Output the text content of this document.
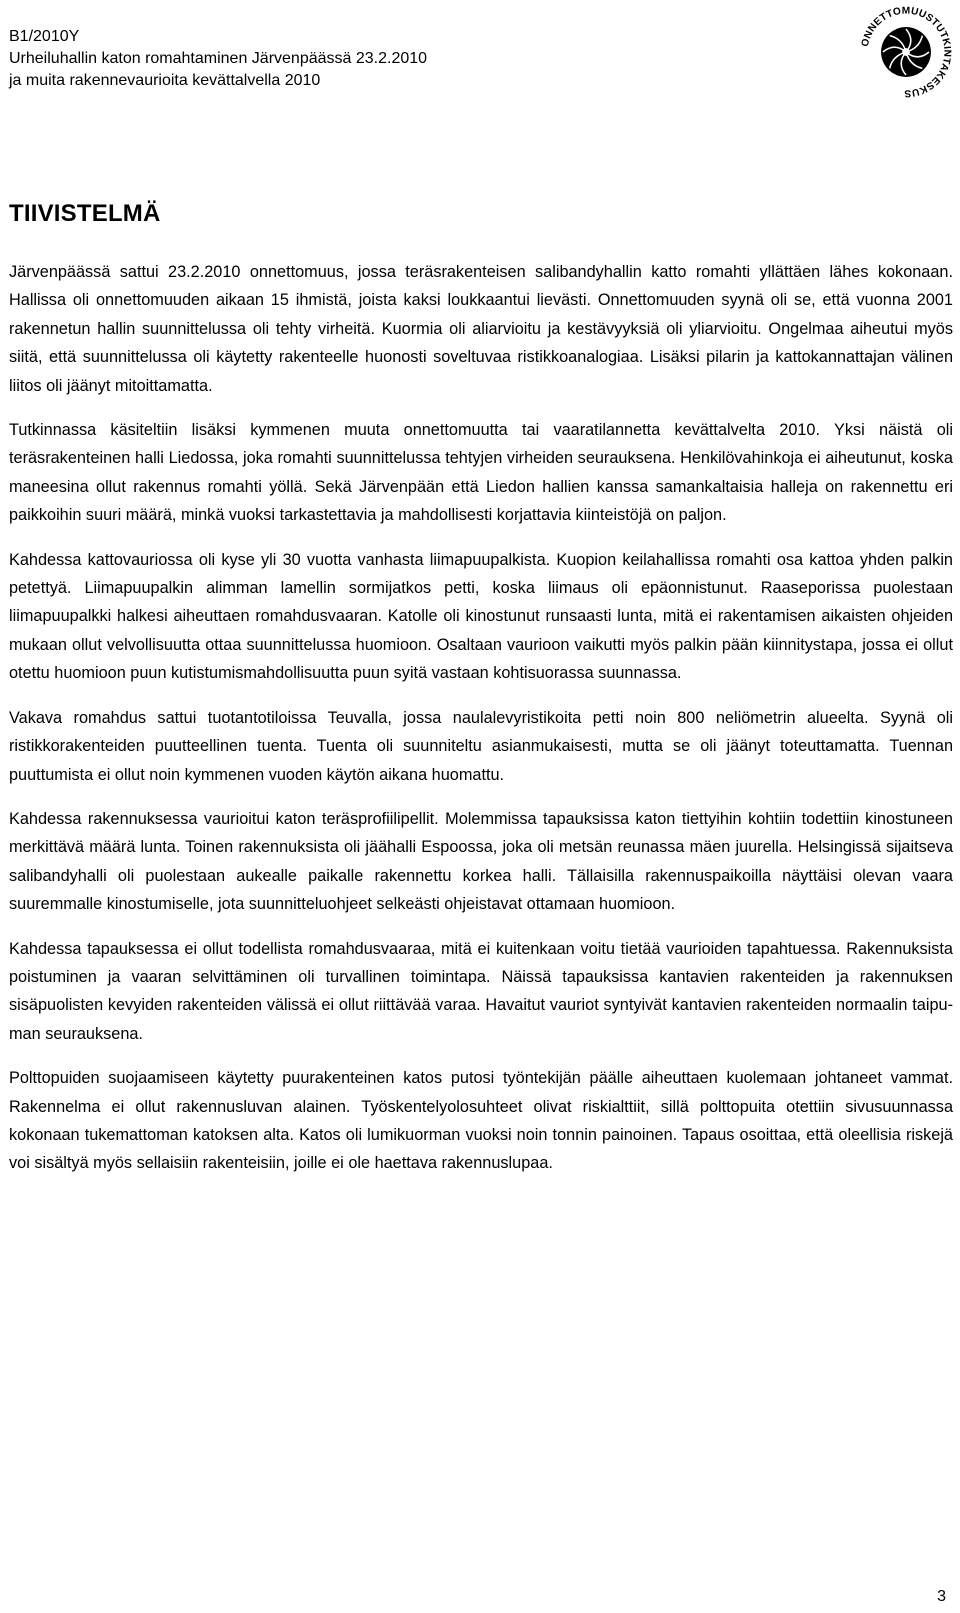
B1/2010Y
Urheiluhallin katon romahtaminen Järvenpäässä 23.2.2010
ja muita rakennevaurioita kevättalvella 2010
ONNETTOMUUSTUTKINTAKESKUS
TIIVISTELMÄ

Järvenpäässä sattui 23.2.2010 onnettomuus, jossa teräsrakenteisen salibandyhallin katto romahti yllättäen lähes kokonaan. Hallissa oli onnettomuuden aikaan 15 ihmistä, joista kaksi loukkaantui lievästi. Onnettomuuden syynä oli se, että vuonna 2001 rakennetun hallin suunnittelussa oli tehty virheitä. Kuormia oli aliarvioitu ja kestävyyksiä oli yliarvioitu. Ongelmaa aiheutui myös siitä, että suunnittelussa oli käytetty rakenteelle huonosti soveltuvaa ristikkoanalogiaa. Lisäksi pilarin ja kattokannattajan välinen liitos oli jäänyt mitoittamatta.

Tutkinnassa käsiteltiin lisäksi kymmenen muuta onnettomuutta tai vaaratilannetta kevättalvelta 2010. Yksi näistä oli teräsrakenteinen halli Liedossa, joka romahti suunnittelussa tehtyjen virheiden seurauksena. Henkilövahinkoja ei aiheutunut, koska maneesina ollut rakennus romahti yöllä. Sekä Järvenpään että Liedon hallien kanssa samankaltaisia halleja on rakennettu eri paikkoihin suuri määrä, minkä vuoksi tarkastettavia ja mahdollisesti korjattavia kiinteistöjä on paljon.

Kahdessa kattovauriossa oli kyse yli 30 vuotta vanhasta liimapuupalkista. Kuopion keilahallissa romahti osa kattoa yhden palkin petettyä. Liimapuupalkin alimman lamellin sormijatkos petti, koska liimaus oli epäonnistunut. Raaseporissa puolestaan liimapuupalkki halkesi aiheuttaen romahdusvaaran. Katolle oli kinostunut runsaasti lunta, mitä ei rakentamisen aikaisten ohjeiden mukaan ollut velvollisuutta ottaa suunnittelussa huomioon. Osaltaan vaurioon vaikutti myös palkin pään kiinnitystapa, jossa ei ollut otettu huomioon puun kutistumismahdollisuutta puun syitä vastaan kohtisuorassa suunnassa.

Vakava romahdus sattui tuotantotiloissa Teuvalla, jossa naulalevyristikoita petti noin 800 neliömetrin alueelta. Syynä oli ristikkorakenteiden puutteellinen tuenta. Tuenta oli suunniteltu asianmukaisesti, mutta se oli jäänyt toteuttamatta. Tuennan puuttumista ei ollut noin kymmenen vuoden käytön aikana huomattu.

Kahdessa rakennuksessa vaurioitui katon teräsprofiilipellit. Molemmissa tapauksissa katon tiettyihin kohtiin todettiin kinostuneen merkittävä määrä lunta. Toinen rakennuksista oli jäähalli Espoossa, joka oli metsän reunassa mäen juurella. Helsingissä sijaitseva salibandyhalli oli puolestaan aukealle paikalle rakennettu korkea halli. Tällaisilla rakennuspaikoilla näyttäisi olevan vaara suuremmalle kinostumiselle, jota suunnitteluohjeet selkeästi ohjeistavat ottamaan huomioon.

Kahdessa tapauksessa ei ollut todellista romahdusvaaraa, mitä ei kuitenkaan voitu tietää vaurioiden tapahtuessa. Rakennuksista poistuminen ja vaaran selvittäminen oli turvallinen toimintapa. Näissä tapauksissa kantavien rakenteiden ja rakennuksen sisäpuolisten kevyiden rakenteiden välissä ei ollut riittävää varaa. Havaitut vauriot syntyivät kantavien rakenteiden normaalin taipuman seurauksena.

Polttopuiden suojaamiseen käytetty puurakenteinen katos putosi työntekijän päälle aiheuttaen kuolemaan johtaneet vammat. Rakennelma ei ollut rakennusluvan alainen. Työskentelyolosuhteet olivat riskialttiit, sillä polttopuita otettiin sivusuunnassa kokonaan tukemattoman katoksen alta. Katos oli lumikuorman vuoksi noin tonnin painoinen. Tapaus osoittaa, että oleellisia riskejä voi sisältyä myös sellaisiin rakenteisiin, joille ei ole haettava rakennuslupaa.

3
